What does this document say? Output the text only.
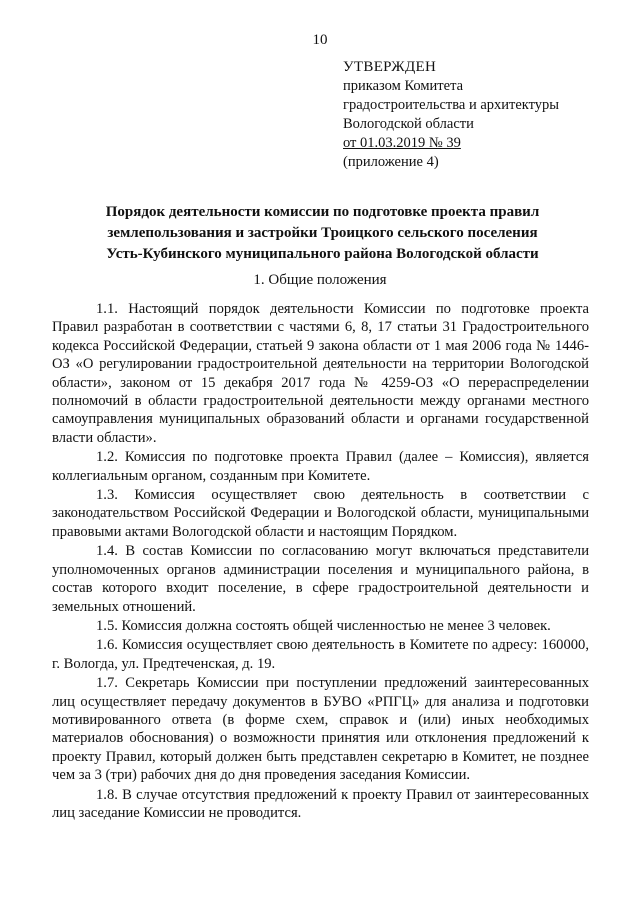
10
УТВЕРЖДЕН
приказом Комитета
градостроительства и архитектуры
Вологодской области
от 01.03.2019 № 39
(приложение 4)
Порядок деятельности комиссии по подготовке проекта правил
землепользования и застройки Троицкого сельского поселения
Усть-Кубинского муниципального района Вологодской области
1. Общие положения

1.1. Настоящий порядок деятельности Комиссии по подготовке проекта Правил разработан в соответствии с частями 6, 8, 17 статьи 31 Градостроительного кодекса Российской Федерации, статьей 9 закона области от 1 мая 2006 года № 1446-ОЗ «О регулировании градостроительной деятельности на территории Вологодской области», законом от 15 декабря 2017 года № 4259-ОЗ «О перераспределении полномочий в области градостроительной деятельности между органами местного самоуправления муниципальных образований области и органами государственной власти области».

1.2. Комиссия по подготовке проекта Правил (далее – Комиссия), является коллегиальным органом, созданным при Комитете.

1.3. Комиссия осуществляет свою деятельность в соответствии с законодательством Российской Федерации и Вологодской области, муниципальными правовыми актами Вологодской области и настоящим Порядком.

1.4. В состав Комиссии по согласованию могут включаться представители уполномоченных органов администрации поселения и муниципального района, в состав которого входит поселение, в сфере градостроительной деятельности и земельных отношений.

1.5. Комиссия должна состоять общей численностью не менее 3 человек.

1.6. Комиссия осуществляет свою деятельность в Комитете по адресу: 160000, г. Вологда, ул. Предтеченская, д. 19.

1.7. Секретарь Комиссии при поступлении предложений заинтересованных лиц осуществляет передачу документов в БУВО «РПГЦ» для анализа и подготовки мотивированного ответа (в форме схем, справок и (или) иных необходимых материалов обоснования) о возможности принятия или отклонения предложений к проекту Правил, который должен быть представлен секретарю в Комитет, не позднее чем за 3 (три) рабочих дня до дня проведения заседания Комиссии.

1.8. В случае отсутствия предложений к проекту Правил от заинтересованных лиц заседание Комиссии не проводится.
